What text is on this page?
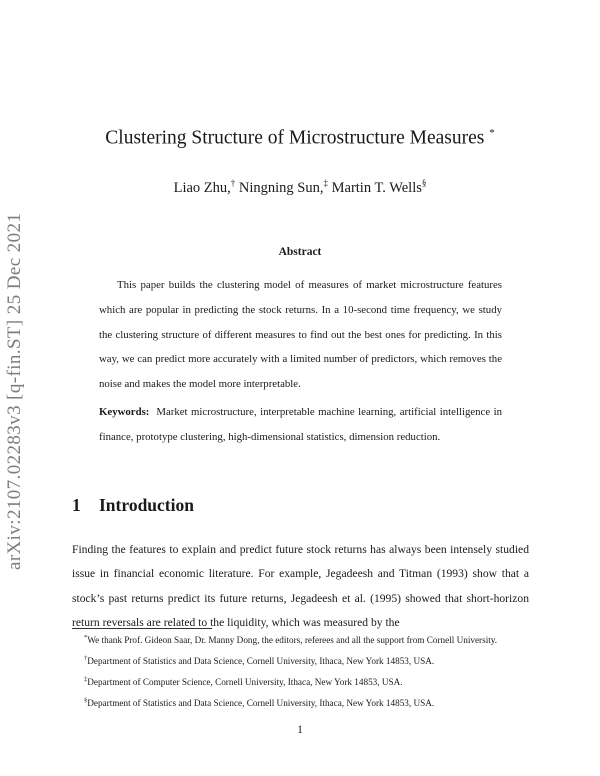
arXiv:2107.02283v3 [q-fin.ST] 25 Dec 2021
Clustering Structure of Microstructure Measures *
Liao Zhu,† Ningning Sun,‡ Martin T. Wells§
Abstract

This paper builds the clustering model of measures of market microstructure features which are popular in predicting the stock returns. In a 10-second time frequency, we study the clustering structure of different measures to find out the best ones for predicting. In this way, we can predict more accurately with a limited number of predictors, which removes the noise and makes the model more interpretable.

Keywords: Market microstructure, interpretable machine learning, artificial intelligence in finance, prototype clustering, high-dimensional statistics, dimension reduction.

1 Introduction

Finding the features to explain and predict future stock returns has always been intensely studied issue in financial economic literature. For example, Jegadeesh and Titman (1993) show that a stock’s past returns predict its future returns, Jegadeesh et al. (1995) showed that short-horizon return reversals are related to the liquidity, which was measured by the

*We thank Prof. Gideon Saar, Dr. Manny Dong, the editors, referees and all the support from Cornell University.
†Department of Statistics and Data Science, Cornell University, Ithaca, New York 14853, USA.
‡Department of Computer Science, Cornell University, Ithaca, New York 14853, USA.
§Department of Statistics and Data Science, Cornell University, Ithaca, New York 14853, USA.
1
